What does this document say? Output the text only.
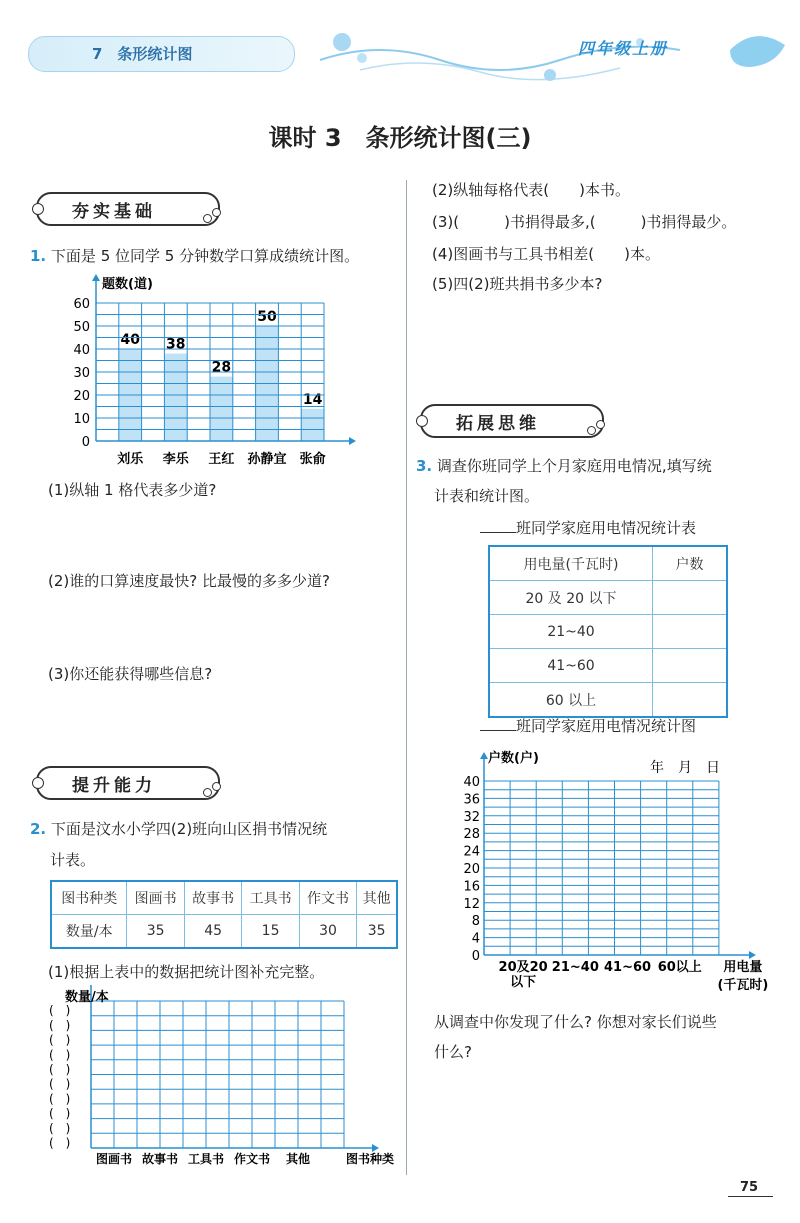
7　条形统计图	四年级上册
课时 3　条形统计图(三)
夯实基础
1. 下面是 5 位同学 5 分钟数学口算成绩统计图。
40 38
28
50
14
题数(道)
0
10
20
30
40
50
60
刘乐 李乐 王红 孙静宜 张俞
(1)纵轴 1 格代表多少道?
(2)谁的口算速度最快? 比最慢的多多少道?
(3)你还能获得哪些信息?
提升能力
2. 下面是汶水小学四(2)班向山区捐书情况统
计表。
图书种类	图画书	故事书	工具书	作文书	其他
数量/本	35	45	15	30	35
(1)根据上表中的数据把统计图补充完整。
数量/本
(　)
(　)
(　)
(　)
(　)
(　)
(　)
(　)
(　)
(　)
图画书 故事书 工具书 作文书 其他	图书种类
(2)纵轴每格代表(　　)本书。
(3)(　　　)书捐得最多,(　　　)书捐得最少。
(4)图画书与工具书相差(　　)本。
(5)四(2)班共捐书多少本?
拓展思维
3. 调查你班同学上个月家庭用电情况,填写统
计表和统计图。
班同学家庭用电情况统计表
用电量(千瓦时)	户数
20 及 20 以下	
21~40	
41~60	
60 以上	
班同学家庭用电情况统计图
户数(户)
年　月　日
0
4
8
12
16
20
24
28
32
36
40
20及20
以下
21~40 41~60 60以上 用电量
(千瓦时)
从调查中你发现了什么? 你想对家长们说些
什么?
75
